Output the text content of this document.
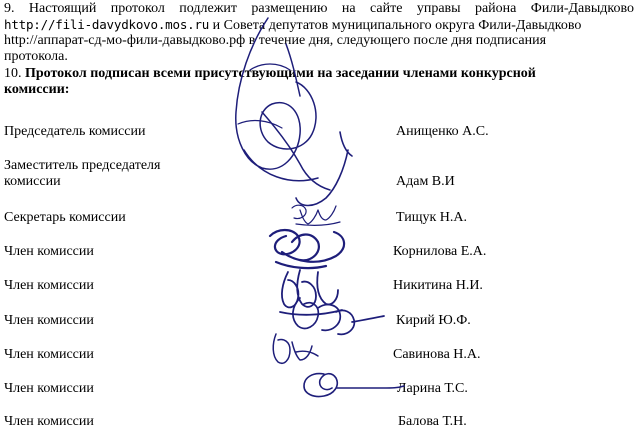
9. Настоящий протокол подлежит размещению на сайте управы района Фили-Давыдково
http://fili-davydkovo.mos.ru и Совета депутатов муниципального округа Фили-Давыдково
http://аппарат-сд-мо-фили-давыдково.рф в течение дня, следующего после дня подписания
протокола.
10. Протокол подписан всеми присутствующими на заседании членами конкурсной
комиссии:
Председатель комиссии	Анищенко А.С.
Заместитель председателя
комиссии	Адам В.И
Секретарь комиссии	Тищук Н.А.
Член комиссии	Корнилова Е.А.
Член комиссии	Никитина Н.И.
Член комиссии	Кирий Ю.Ф.
Член комиссии	Савинова Н.А.
Член комиссии	Ларина Т.С.
Член комиссии	Балова Т.Н.
